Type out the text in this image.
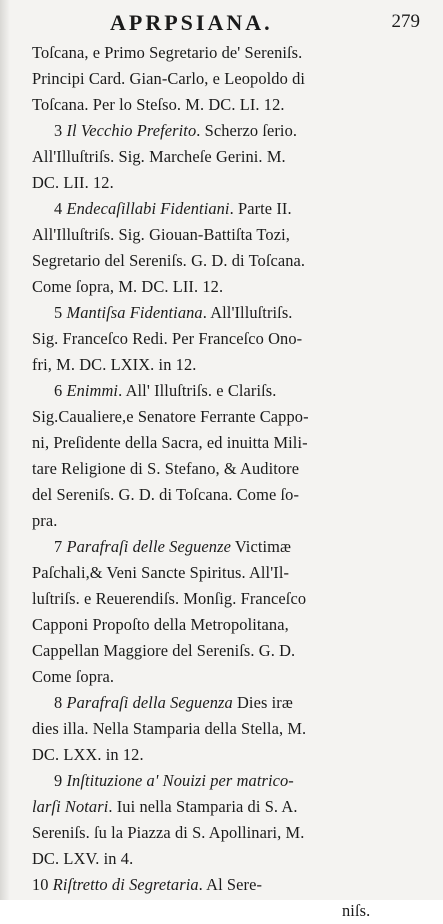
APRPSIANA.	279
Toſcana, e Primo Segretario de' Sereniſs.
Principi Card. Gian-Carlo, e Leopoldo di
Toſcana. Per lo Steſso. M. DC. LI. 12.
3 Il Vecchio Preferito. Scherzo ſerio.
All'Illuſtriſs. Sig. Marcheſe Gerini. M.
DC. LII. 12.
4 Endecaſillabi Fidentiani. Parte II.
All'Illuſtriſs. Sig. Giouan-Battiſta Tozi,
Segretario del Sereniſs. G. D. di Toſcana.
Come ſopra, M. DC. LII. 12.
5 Mantiſsa Fidentiana. All'Illuſtriſs.
Sig. Franceſco Redi. Per Franceſco Ono-
fri, M. DC. LXIX. in 12.
6 Enimmi. All' Illuſtriſs. e Clariſs.
Sig.Caualiere,e Senatore Ferrante Cappo-
ni, Preſidente della Sacra, ed inuitta Mili-
tare Religione di S. Stefano, & Auditore
del Sereniſs. G. D. di Toſcana. Come ſo-
pra.
7 Parafraſi delle Seguenze Victimæ
Paſchali,& Veni Sancte Spiritus. All'Il-
luſtriſs. e Reuerendiſs. Monſig. Franceſco
Capponi Propoſto della Metropolitana,
Cappellan Maggiore del Sereniſs. G. D.
Come ſopra.
8 Parafraſi della Seguenza Dies iræ
dies illa. Nella Stamparia della Stella, M.
DC. LXX. in 12.
9 Inſtituzione a' Nouizi per matrico-
larſi Notari. Iui nella Stamparia di S. A.
Sereniſs. ſu la Piazza di S. Apollinari, M.
DC. LXV. in 4.
10 Riſtretto di Segretaria. Al Sere-
niſs.
